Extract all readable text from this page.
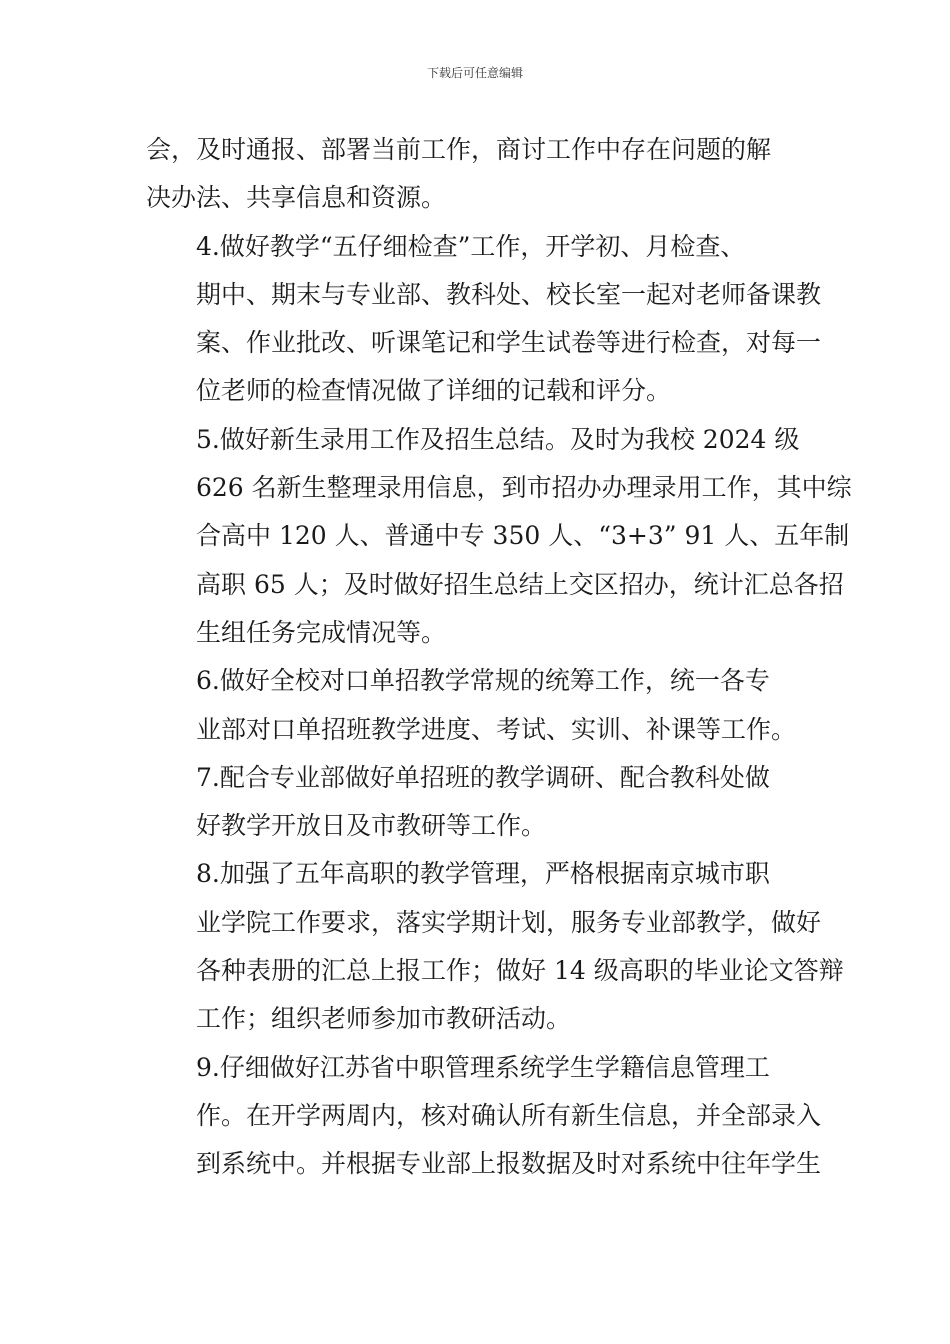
下载后可任意编辑

会，及时通报、部署当前工作，商讨工作中存在问题的解
决办法、共享信息和资源。

4.做好教学“五仔细检查”工作，开学初、月检查、
期中、期末与专业部、教科处、校长室一起对老师备课教
案、作业批改、听课笔记和学生试卷等进行检查，对每一
位老师的检查情况做了详细的记载和评分。

5.做好新生录用工作及招生总结。及时为我校 2024 级
626 名新生整理录用信息，到市招办办理录用工作，其中综
合高中 120 人、普通中专 350 人、“3+3” 91 人、五年制
高职 65 人；及时做好招生总结上交区招办，统计汇总各招
生组任务完成情况等。

6.做好全校对口单招教学常规的统筹工作，统一各专
业部对口单招班教学进度、考试、实训、补课等工作。

7.配合专业部做好单招班的教学调研、配合教科处做
好教学开放日及市教研等工作。

8.加强了五年高职的教学管理，严格根据南京城市职
业学院工作要求，落实学期计划，服务专业部教学，做好
各种表册的汇总上报工作；做好 14 级高职的毕业论文答辩
工作；组织老师参加市教研活动。

9.仔细做好江苏省中职管理系统学生学籍信息管理工
作。在开学两周内，核对确认所有新生信息，并全部录入
到系统中。并根据专业部上报数据及时对系统中往年学生
